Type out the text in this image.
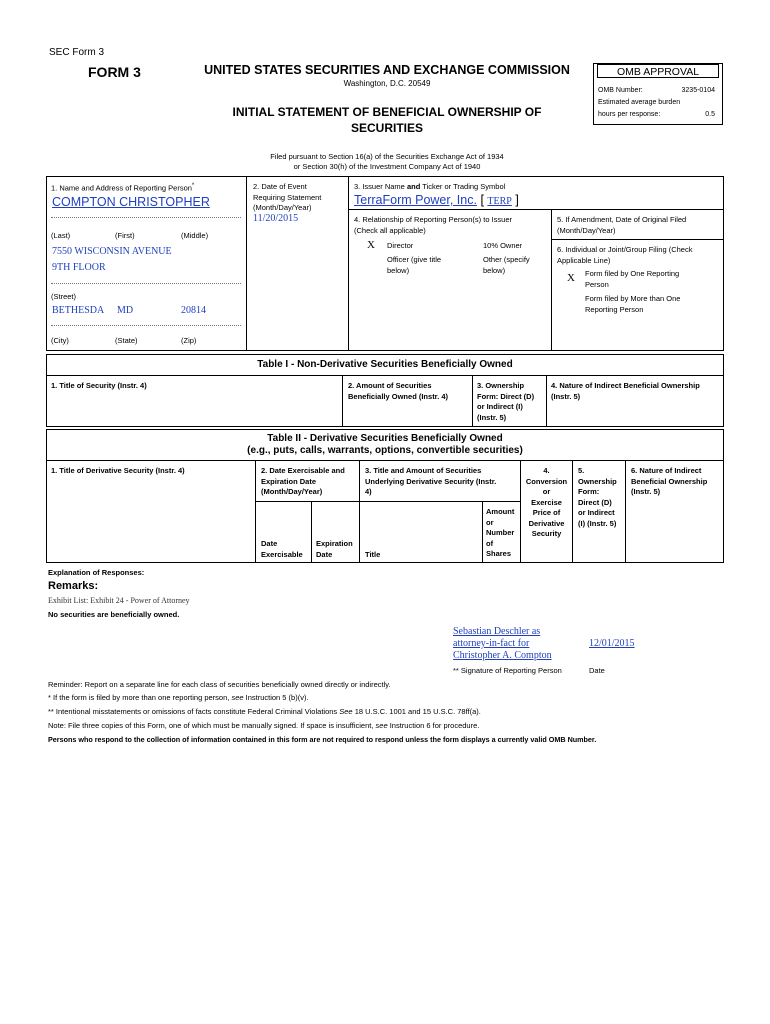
SEC Form 3
FORM 3	UNITED STATES SECURITIES AND EXCHANGE COMMISSION
Washington, D.C. 20549
INITIAL STATEMENT OF BENEFICIAL OWNERSHIP OF
SECURITIES
OMB APPROVAL
OMB Number:	3235-0104
Estimated average burden
hours per response:	0.5
Filed pursuant to Section 16(a) of the Securities Exchange Act of 1934
or Section 30(h) of the Investment Company Act of 1940
1. Name and Address of Reporting Person*
COMPTON CHRISTOPHER
(Last)	(First)	(Middle)
7550 WISCONSIN AVENUE
9TH FLOOR
(Street)
BETHESDA MD	20814
(City)	(State)	(Zip)
2. Date of Event
Requiring Statement
(Month/Day/Year)
11/20/2015
3. Issuer Name and Ticker or Trading Symbol
TerraForm Power, Inc. [ TERP ]
4. Relationship of Reporting Person(s) to Issuer
(Check all applicable)
X Director	10% Owner
Officer (give title
below)
Other (specify
below)
5. If Amendment, Date of Original Filed
(Month/Day/Year)
6. Individual or Joint/Group Filing (Check
Applicable Line)
X Form filed by One Reporting
Person
Form filed by More than One
Reporting Person
Table I - Non-Derivative Securities Beneficially Owned
1. Title of Security (Instr. 4)	2. Amount of Securities
Beneficially Owned (Instr. 4)
3. Ownership
Form: Direct (D)
or Indirect (I)
(Instr. 5)
4. Nature of Indirect Beneficial Ownership
(Instr. 5)
Table II - Derivative Securities Beneficially Owned
(e.g., puts, calls, warrants, options, convertible securities)
1. Title of Derivative Security (Instr. 4)	2. Date Exercisable and
Expiration Date
(Month/Day/Year)
3. Title and Amount of Securities
Underlying Derivative Security (Instr.
4)
4.
Conversion
or
Exercise
Price of
Derivative
Security
5.
Ownership
Form:
Direct (D)
or Indirect
(I) (Instr. 5)
6. Nature of Indirect
Beneficial Ownership
(Instr. 5)
Date
Exercisable
Expiration
Date	Title
Amount
or
Number
of
Shares
Explanation of Responses:
Remarks:
Exhibit List: Exhibit 24 - Power of Attorney
No securities are beneficially owned.
Sebastian Deschler as
attorney-in-fact for
Christopher A. Compton
12/01/2015
** Signature of Reporting Person	Date
Reminder: Report on a separate line for each class of securities beneficially owned directly or indirectly.
* If the form is filed by more than one reporting person, see Instruction 5 (b)(v).
** Intentional misstatements or omissions of facts constitute Federal Criminal Violations See 18 U.S.C. 1001 and 15 U.S.C. 78ff(a).
Note: File three copies of this Form, one of which must be manually signed. If space is insufficient, see Instruction 6 for procedure.
Persons who respond to the collection of information contained in this form are not required to respond unless the form displays a currently valid OMB Number.
